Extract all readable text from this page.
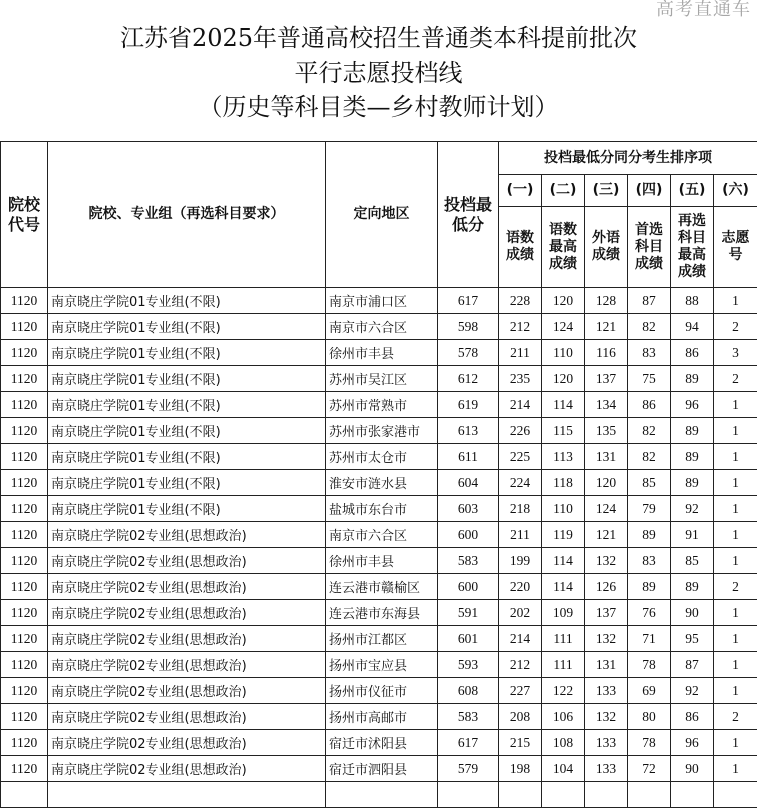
江苏省2025年普通高校招生普通类本科提前批次
平行志愿投档线
（历史等科目类—乡村教师计划）
院校代号	院校、专业组（再选科目要求）	定向地区	投档最低分	投档最低分同分考生排序项					
				(一)	(二)	(三)	(四)	(五)	(六)
				语数成绩	语数最高成绩	外语成绩	首选科目成绩	再选科目最高成绩	志愿号
1120	南京晓庄学院01专业组(不限)	南京市浦口区	617	228	120	128	87	88	1
1120	南京晓庄学院01专业组(不限)	南京市六合区	598	212	124	121	82	94	2
1120	南京晓庄学院01专业组(不限)	徐州市丰县	578	211	110	116	83	86	3
1120	南京晓庄学院01专业组(不限)	苏州市吴江区	612	235	120	137	75	89	2
1120	南京晓庄学院01专业组(不限)	苏州市常熟市	619	214	114	134	86	96	1
1120	南京晓庄学院01专业组(不限)	苏州市张家港市	613	226	115	135	82	89	1
1120	南京晓庄学院01专业组(不限)	苏州市太仓市	611	225	113	131	82	89	1
1120	南京晓庄学院01专业组(不限)	淮安市涟水县	604	224	118	120	85	89	1
1120	南京晓庄学院01专业组(不限)	盐城市东台市	603	218	110	124	79	92	1
1120	南京晓庄学院02专业组(思想政治)	南京市六合区	600	211	119	121	89	91	1
1120	南京晓庄学院02专业组(思想政治)	徐州市丰县	583	199	114	132	83	85	1
1120	南京晓庄学院02专业组(思想政治)	连云港市赣榆区	600	220	114	126	89	89	2
1120	南京晓庄学院02专业组(思想政治)	连云港市东海县	591	202	109	137	76	90	1
1120	南京晓庄学院02专业组(思想政治)	扬州市江都区	601	214	111	132	71	95	1
1120	南京晓庄学院02专业组(思想政治)	扬州市宝应县	593	212	111	131	78	87	1
1120	南京晓庄学院02专业组(思想政治)	扬州市仪征市	608	227	122	133	69	92	1
1120	南京晓庄学院02专业组(思想政治)	扬州市高邮市	583	208	106	132	80	86	2
1120	南京晓庄学院02专业组(思想政治)	宿迁市沭阳县	617	215	108	133	78	96	1
1120	南京晓庄学院02专业组(思想政治)	宿迁市泗阳县	579	198	104	133	72	90	1

高考直通车
